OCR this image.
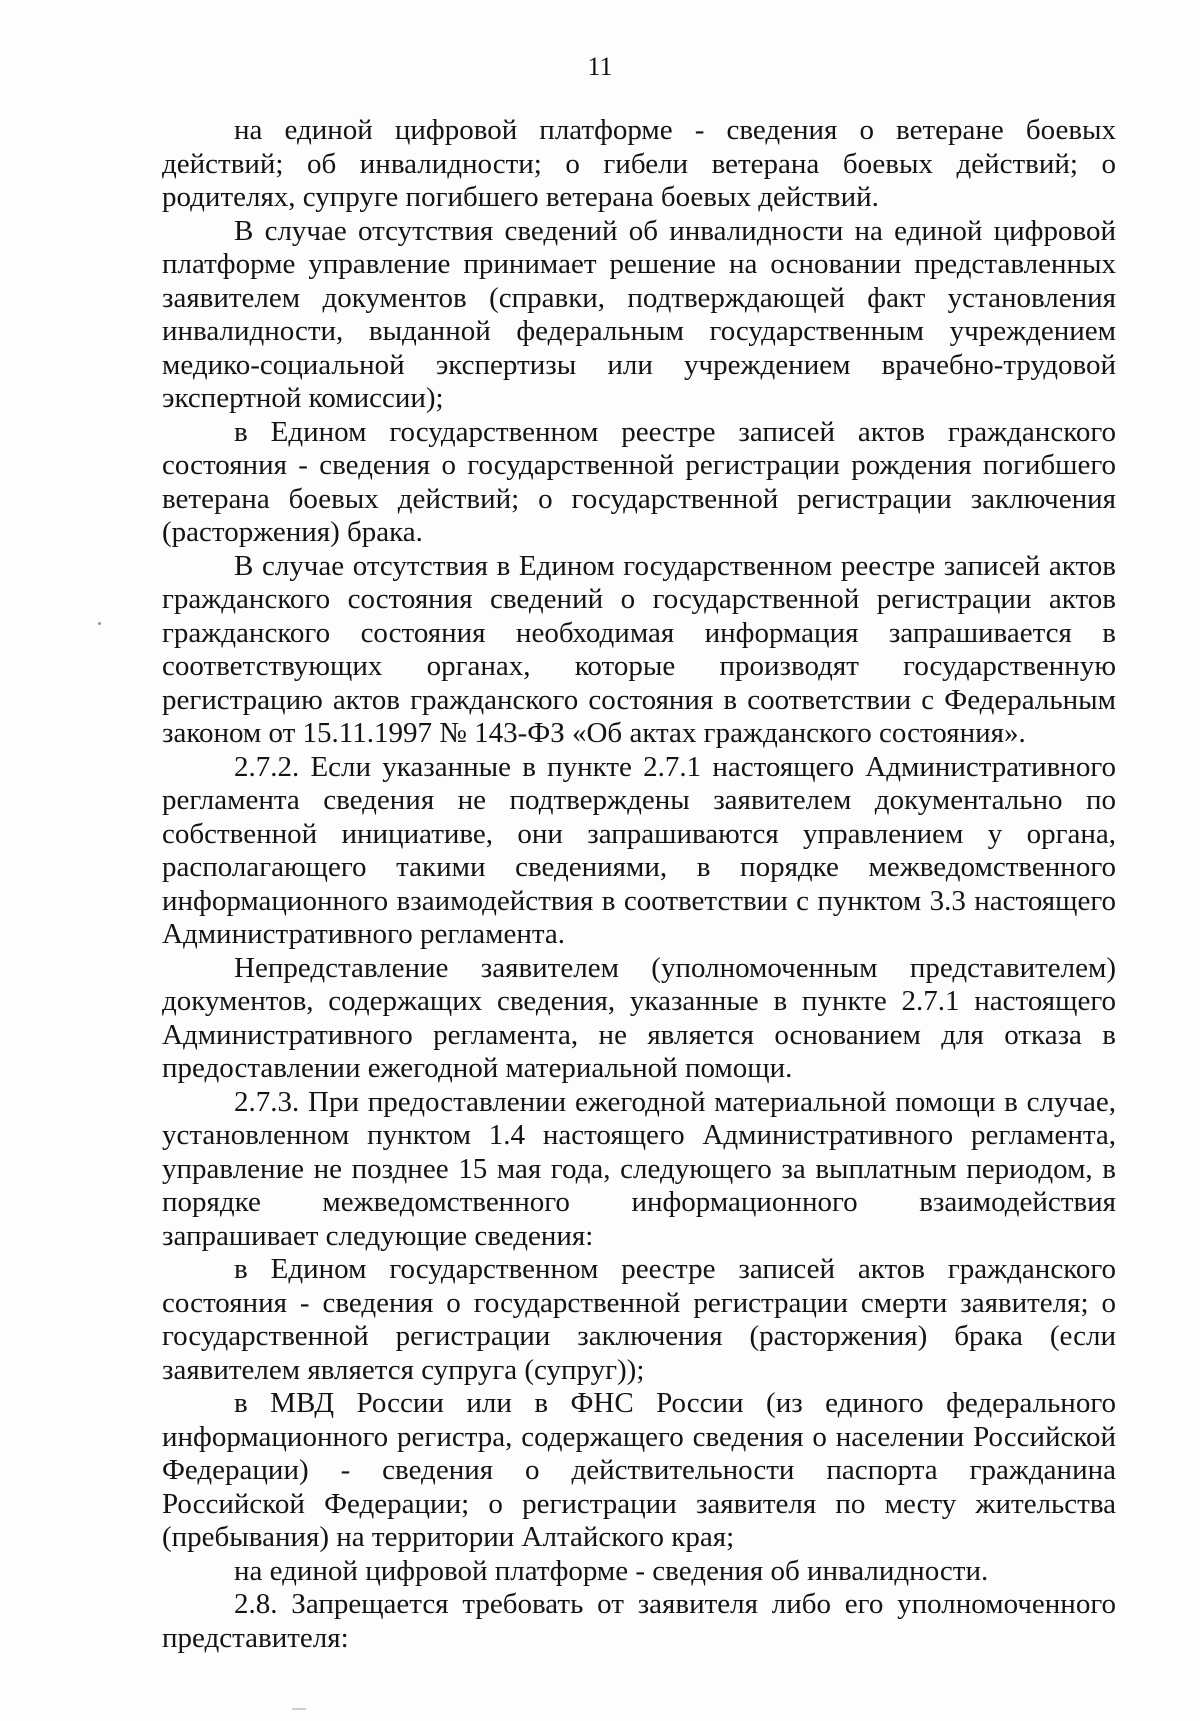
11

на единой цифровой платформе - сведения о ветеране боевых действий; об инвалидности; о гибели ветерана боевых действий; о родителях, супруге погибшего ветерана боевых действий.

В случае отсутствия сведений об инвалидности на единой цифровой платформе управление принимает решение на основании представленных заявителем документов (справки, подтверждающей факт установления инвалидности, выданной федеральным государственным учреждением медико-социальной экспертизы или учреждением врачебно-трудовой экспертной комиссии);

в Едином государственном реестре записей актов гражданского состояния - сведения о государственной регистрации рождения погибшего ветерана боевых действий; о государственной регистрации заключения (расторжения) брака.

В случае отсутствия в Едином государственном реестре записей актов гражданского состояния сведений о государственной регистрации актов гражданского состояния необходимая информация запрашивается в соответствующих органах, которые производят государственную регистрацию актов гражданского состояния в соответствии с Федеральным законом от 15.11.1997 № 143-ФЗ «Об актах гражданского состояния».

2.7.2. Если указанные в пункте 2.7.1 настоящего Административного регламента сведения не подтверждены заявителем документально по собственной инициативе, они запрашиваются управлением у органа, располагающего такими сведениями, в порядке межведомственного информационного взаимодействия в соответствии с пунктом 3.3 настоящего Административного регламента.

Непредставление заявителем (уполномоченным представителем) документов, содержащих сведения, указанные в пункте 2.7.1 настоящего Административного регламента, не является основанием для отказа в предоставлении ежегодной материальной помощи.

2.7.3. При предоставлении ежегодной материальной помощи в случае, установленном пунктом 1.4 настоящего Административного регламента, управление не позднее 15 мая года, следующего за выплатным периодом, в порядке межведомственного информационного взаимодействия запрашивает следующие сведения:

в Едином государственном реестре записей актов гражданского состояния - сведения о государственной регистрации смерти заявителя; о государственной регистрации заключения (расторжения) брака (если заявителем является супруга (супруг));

в МВД России или в ФНС России (из единого федерального информационного регистра, содержащего сведения о населении Российской Федерации) - сведения о действительности паспорта гражданина Российской Федерации; о регистрации заявителя по месту жительства (пребывания) на территории Алтайского края;

на единой цифровой платформе - сведения об инвалидности.

2.8. Запрещается требовать от заявителя либо его уполномоченного представителя:
